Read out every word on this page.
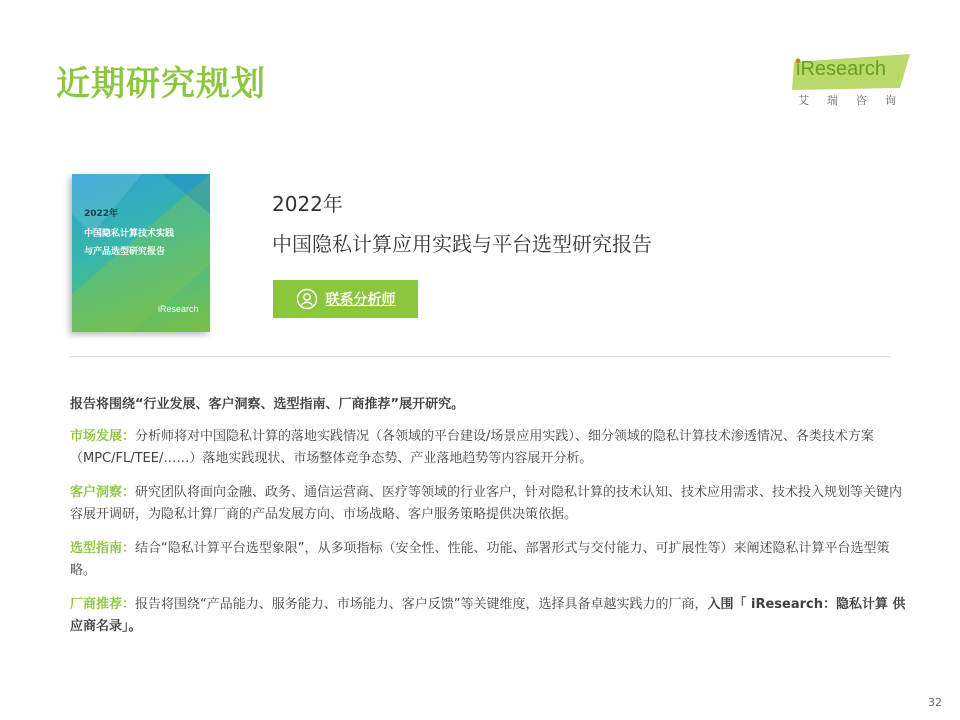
近期研究规划	iResearch
艾瑞咨询
2022年
中国隐私计算技术实践
与产品选型研究报告
iResearch
2022年
中国隐私计算应用实践与平台选型研究报告
联系分析师
报告将围绕“行业发展、客户洞察、选型指南、厂商推荐”展开研究。
市场发展：分析师将对中国隐私计算的落地实践情况（各领域的平台建设/场景应用实践）、细分领域的隐私计算技术渗透情况、各类技术方案（MPC/FL/TEE/……）落地实践现状、市场整体竞争态势、产业落地趋势等内容展开分析。
客户洞察：研究团队将面向金融、政务、通信运营商、医疗等领域的行业客户，针对隐私计算的技术认知、技术应用需求、技术投入规划等关键内容展开调研，为隐私计算厂商的产品发展方向、市场战略、客户服务策略提供决策依据。
选型指南：结合“隐私计算平台选型象限”，从多项指标（安全性、性能、功能、部署形式与交付能力、可扩展性等）来阐述隐私计算平台选型策略。
厂商推荐：报告将围绕“产品能力、服务能力、市场能力、客户反馈”等关键维度，选择具备卓越实践力的厂商，入围「 iResearch：隐私计算 供应商名录」。
32
